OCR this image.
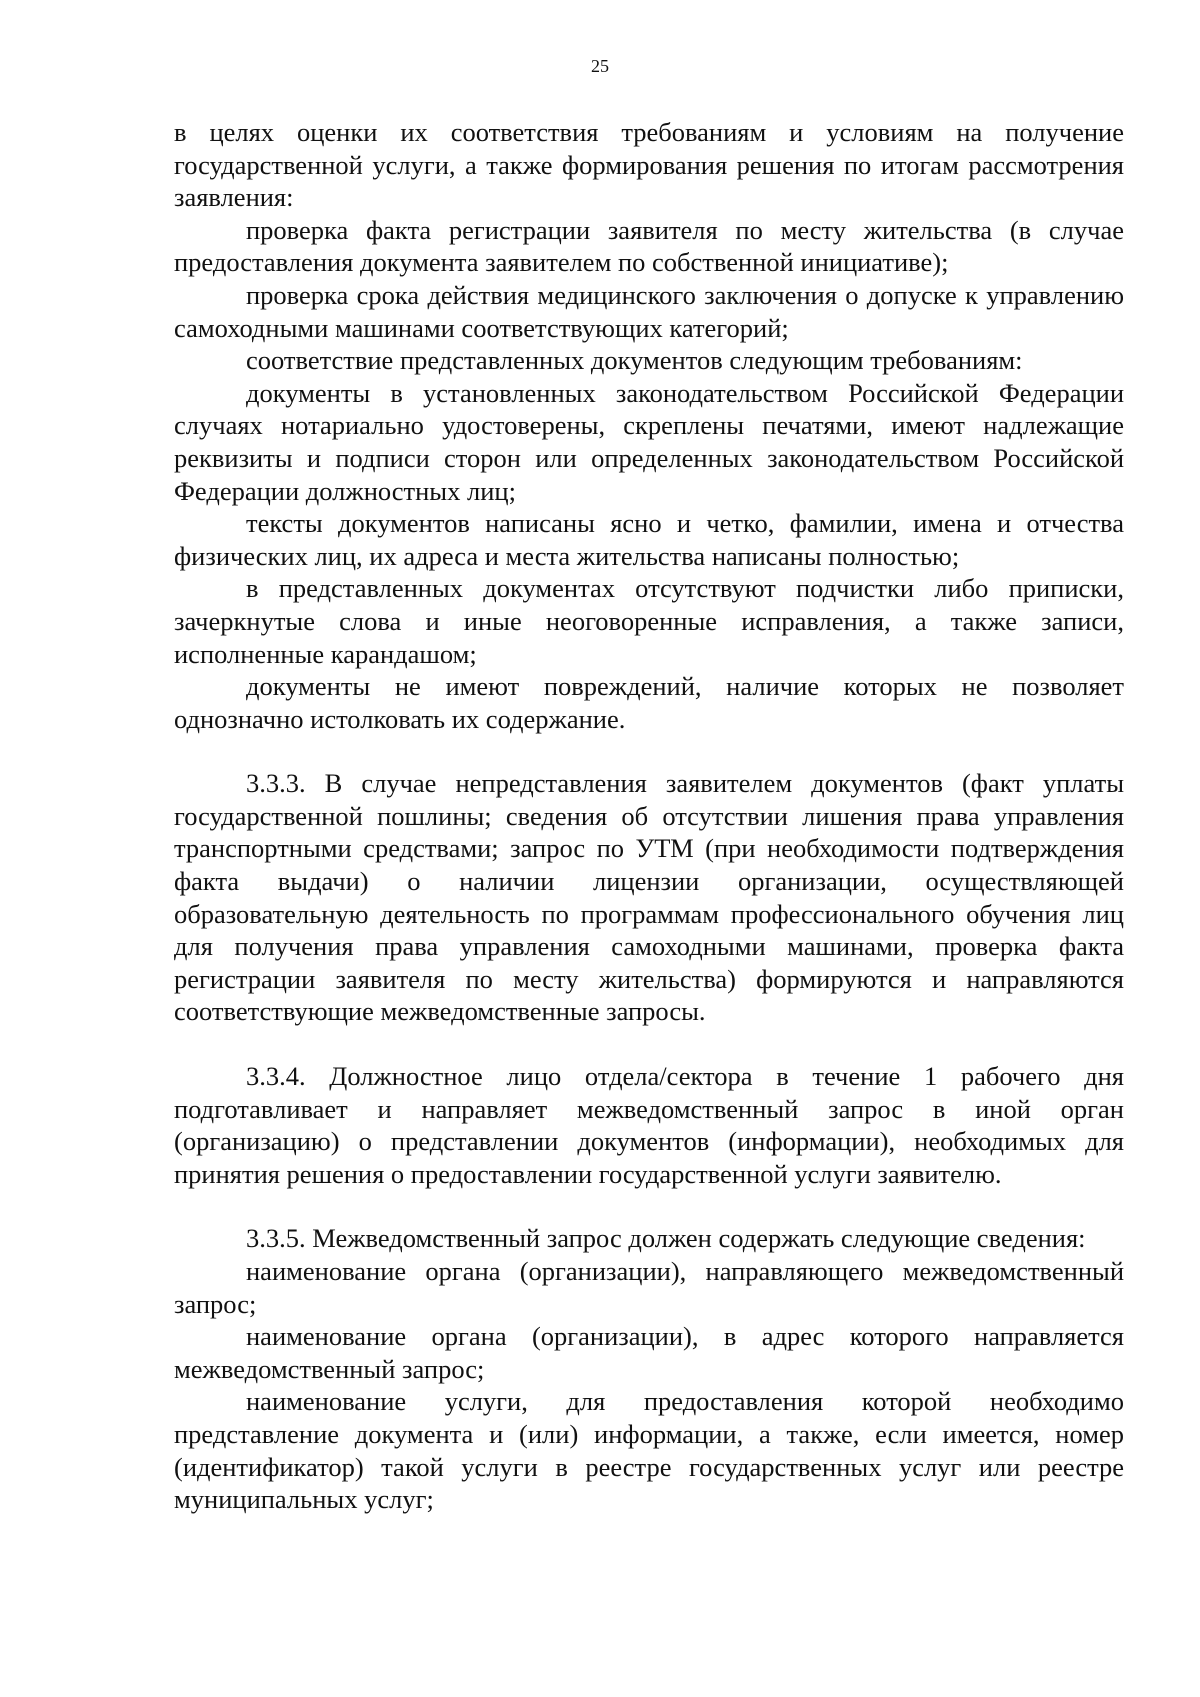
25

в целях оценки их соответствия требованиям и условиям на получение государственной услуги, а также формирования решения по итогам рассмотрения заявления:

проверка факта регистрации заявителя по месту жительства (в случае предоставления документа заявителем по собственной инициативе);

проверка срока действия медицинского заключения о допуске к управлению самоходными машинами соответствующих категорий;

соответствие представленных документов следующим требованиям:

документы в установленных законодательством Российской Федерации случаях нотариально удостоверены, скреплены печатями, имеют надлежащие реквизиты и подписи сторон или определенных законодательством Российской Федерации должностных лиц;

тексты документов написаны ясно и четко, фамилии, имена и отчества физических лиц, их адреса и места жительства написаны полностью;

в представленных документах отсутствуют подчистки либо приписки, зачеркнутые слова и иные неоговоренные исправления, а также записи, исполненные карандашом;

документы не имеют повреждений, наличие которых не позволяет однозначно истолковать их содержание.

3.3.3. В случае непредставления заявителем документов (факт уплаты государственной пошлины; сведения об отсутствии лишения права управления транспортными средствами; запрос по УТМ (при необходимости подтверждения факта выдачи) о наличии лицензии организации, осуществляющей образовательную деятельность по программам профессионального обучения лиц для получения права управления самоходными машинами, проверка факта регистрации заявителя по месту жительства) формируются и направляются соответствующие межведомственные запросы.

3.3.4. Должностное лицо отдела/сектора в течение 1 рабочего дня подготавливает и направляет межведомственный запрос в иной орган (организацию) о представлении документов (информации), необходимых для принятия решения о предоставлении государственной услуги заявителю.

3.3.5. Межведомственный запрос должен содержать следующие сведения:

наименование органа (организации), направляющего межведомственный запрос;

наименование органа (организации), в адрес которого направляется межведомственный запрос;

наименование услуги, для предоставления которой необходимо представление документа и (или) информации, а также, если имеется, номер (идентификатор) такой услуги в реестре государственных услуг или реестре муниципальных услуг;
